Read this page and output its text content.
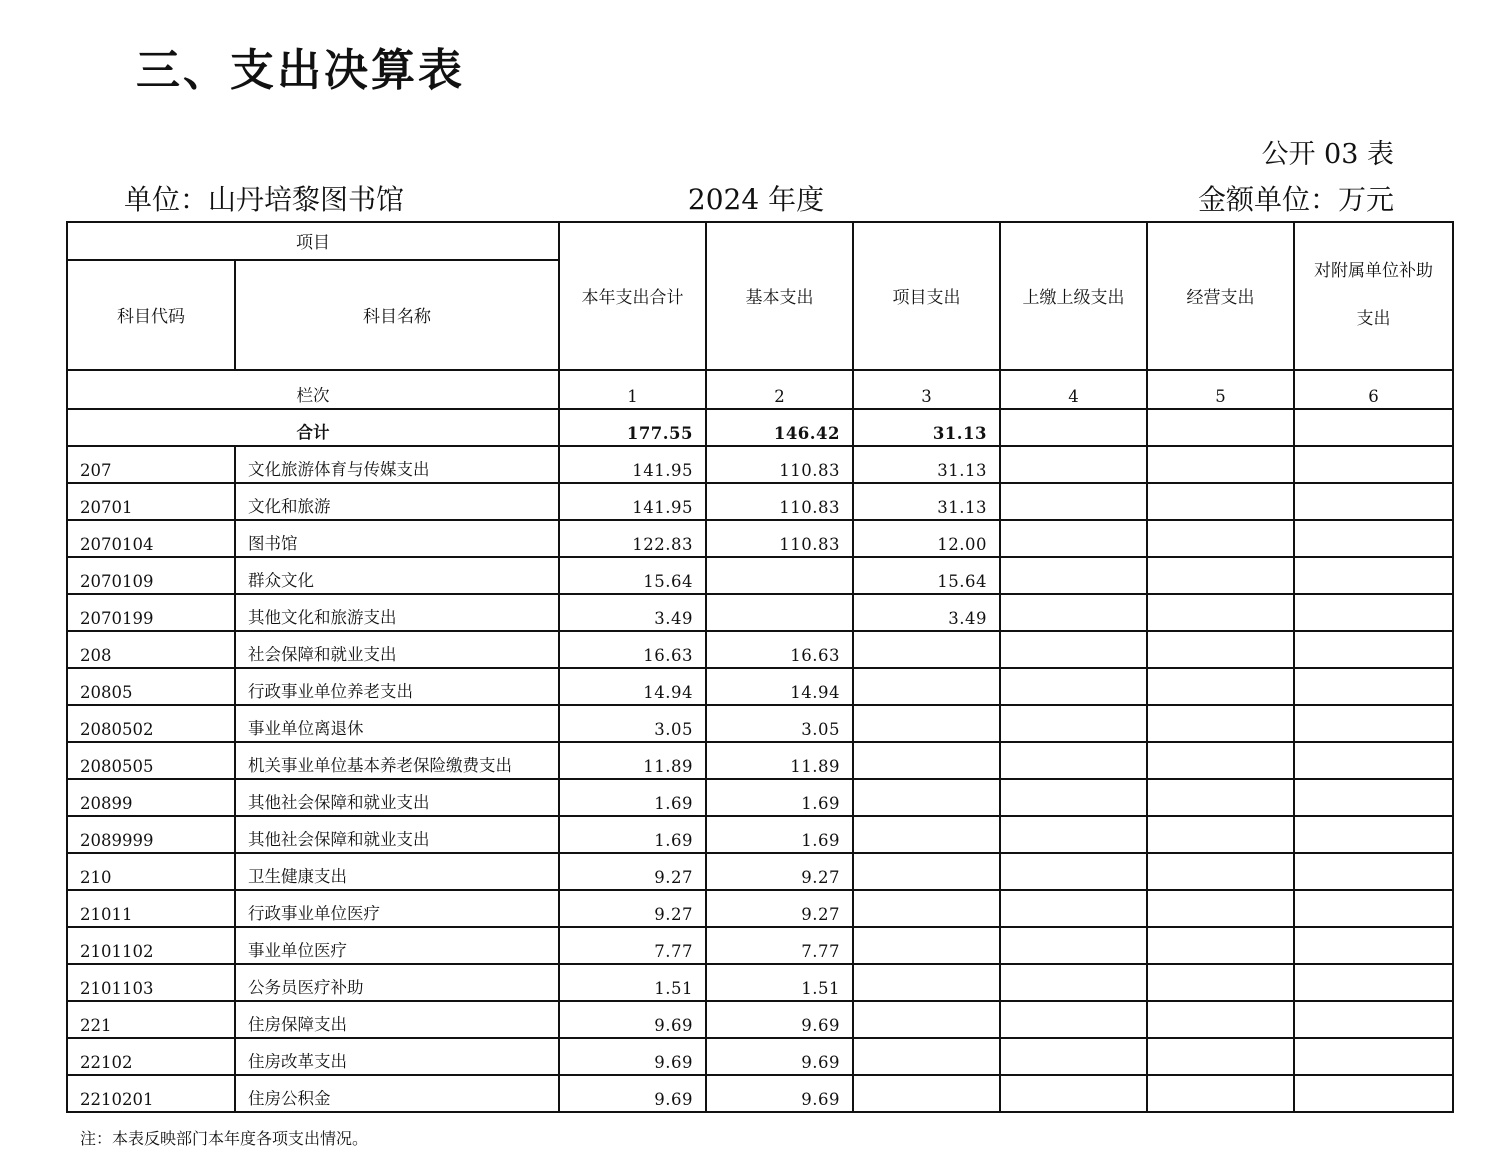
三、支出决算表
公开 03 表
单位：山丹培黎图书馆	2024 年度	金额单位：万元
项目		本年支出合计	基本支出	项目支出	上缴上级支出	经营支出	对附属单位补助支出
科目代码	科目名称						
栏次		1	2	3	4	5	6
合计		177.55	146.42	31.13			
207	文化旅游体育与传媒支出	141.95	110.83	31.13			
20701	文化和旅游	141.95	110.83	31.13			
2070104	图书馆	122.83	110.83	12.00			
2070109	群众文化	15.64		15.64			
2070199	其他文化和旅游支出	3.49		3.49			
208	社会保障和就业支出	16.63	16.63				
20805	行政事业单位养老支出	14.94	14.94				
2080502	事业单位离退休	3.05	3.05				
2080505	机关事业单位基本养老保险缴费支出	11.89	11.89				
20899	其他社会保障和就业支出	1.69	1.69				
2089999	其他社会保障和就业支出	1.69	1.69				
210	卫生健康支出	9.27	9.27				
21011	行政事业单位医疗	9.27	9.27				
2101102	事业单位医疗	7.77	7.77				
2101103	公务员医疗补助	1.51	1.51				
221	住房保障支出	9.69	9.69				
22102	住房改革支出	9.69	9.69				
2210201	住房公积金	9.69	9.69				
注：本表反映部门本年度各项支出情况。
